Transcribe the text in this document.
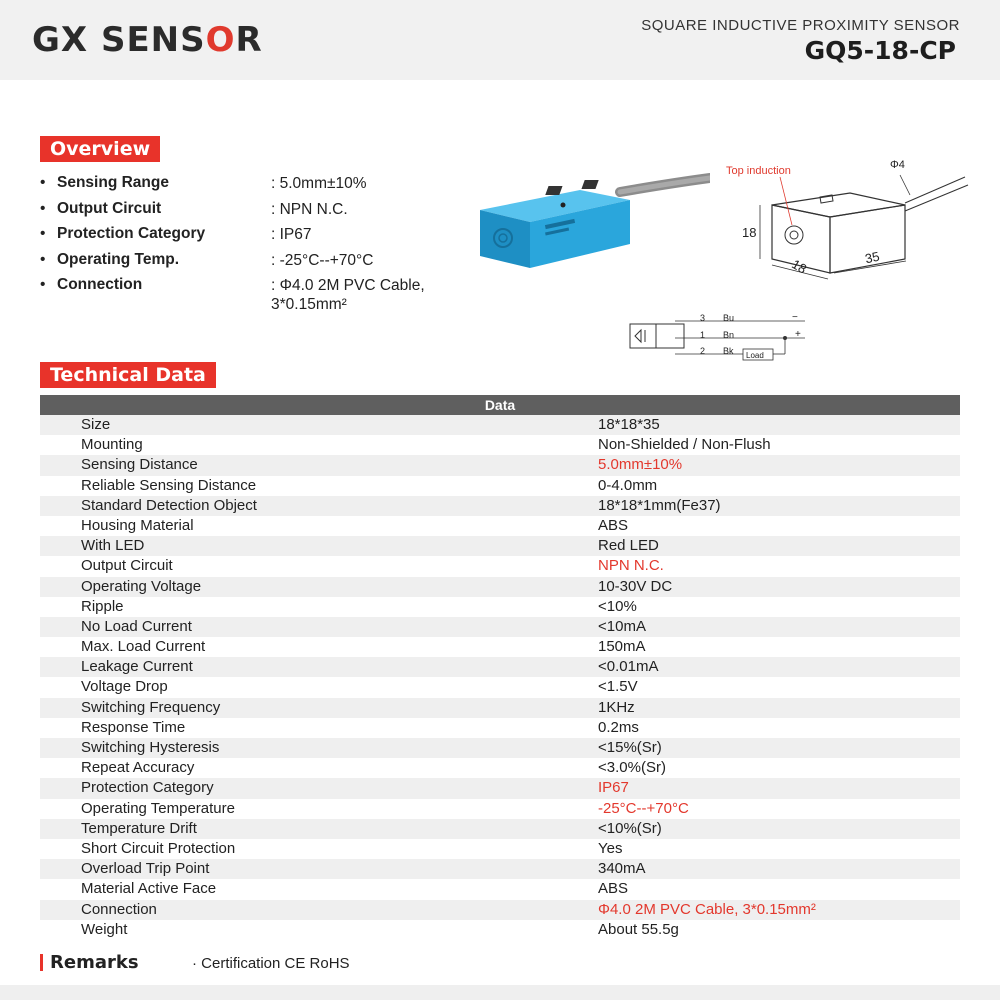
GX SENSOR	SQUARE INDUCTIVE PROXIMITY SENSOR
GQ5-18-CP
Overview
• Sensing Range	: 5.0mm±10%
• Output Circuit	: NPN N.C.
• Protection Category	: IP67
• Operating Temp.	: -25°C--+70°C
• Connection	: Φ4.0 2M PVC Cable, 3*0.15mm²
Top induction	Φ4
18
18	35
3 Bu	−
1 Bn	+
2 Bk Load
Technical Data
Data
Size	18*18*35
Mounting	Non-Shielded / Non-Flush
Sensing Distance	5.0mm±10%
Reliable Sensing Distance	0-4.0mm
Standard Detection Object	18*18*1mm(Fe37)
Housing Material	ABS
With LED	Red LED
Output Circuit	NPN N.C.
Operating Voltage	10-30V DC
Ripple	<10%
No Load Current	<10mA
Max. Load Current	150mA
Leakage Current	<0.01mA
Voltage Drop	<1.5V
Switching Frequency	1KHz
Response Time	0.2ms
Switching Hysteresis	<15%(Sr)
Repeat Accuracy	<3.0%(Sr)
Protection Category	IP67
Operating Temperature	-25°C--+70°C
Temperature Drift	<10%(Sr)
Short Circuit Protection	Yes
Overload Trip Point	340mA
Material Active Face	ABS
Connection	Φ4.0 2M PVC Cable, 3*0.15mm²
Weight	About 55.5g
Remarks	· Certification CE RoHS
